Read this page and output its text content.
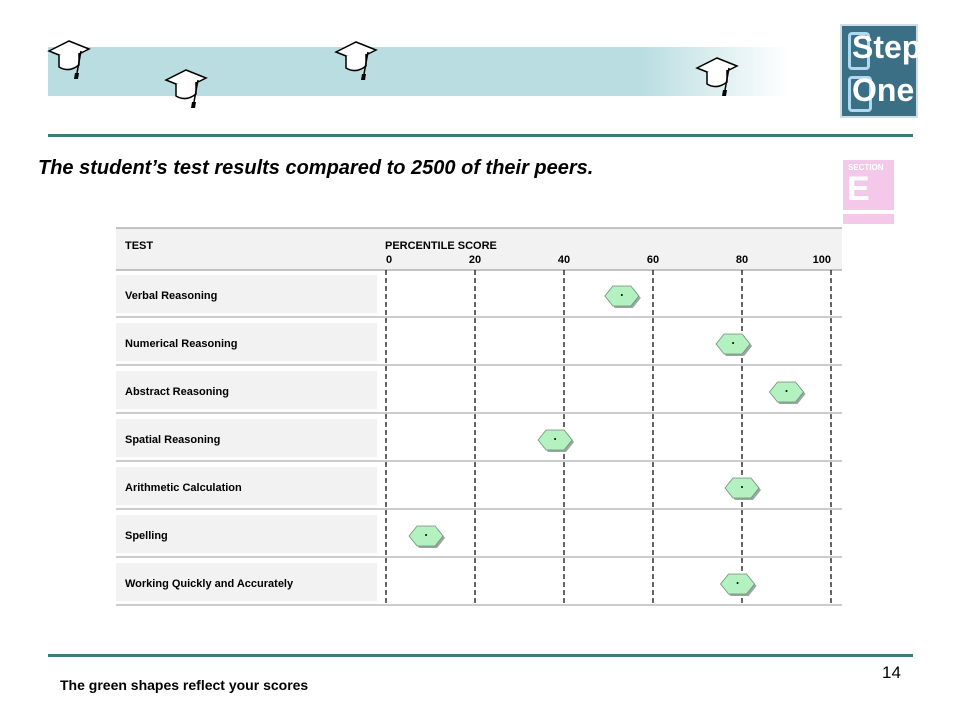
Step
One
SECTION
E
The student’s test results compared to 2500 of their peers.
TEST	PERCENTILE SCORE
0	20	40	60	80	100
Verbal Reasoning
Numerical Reasoning
Abstract Reasoning
Spatial Reasoning
Arithmetic Calculation
Spelling
Working Quickly and Accurately
The green shapes reflect your scores
14
